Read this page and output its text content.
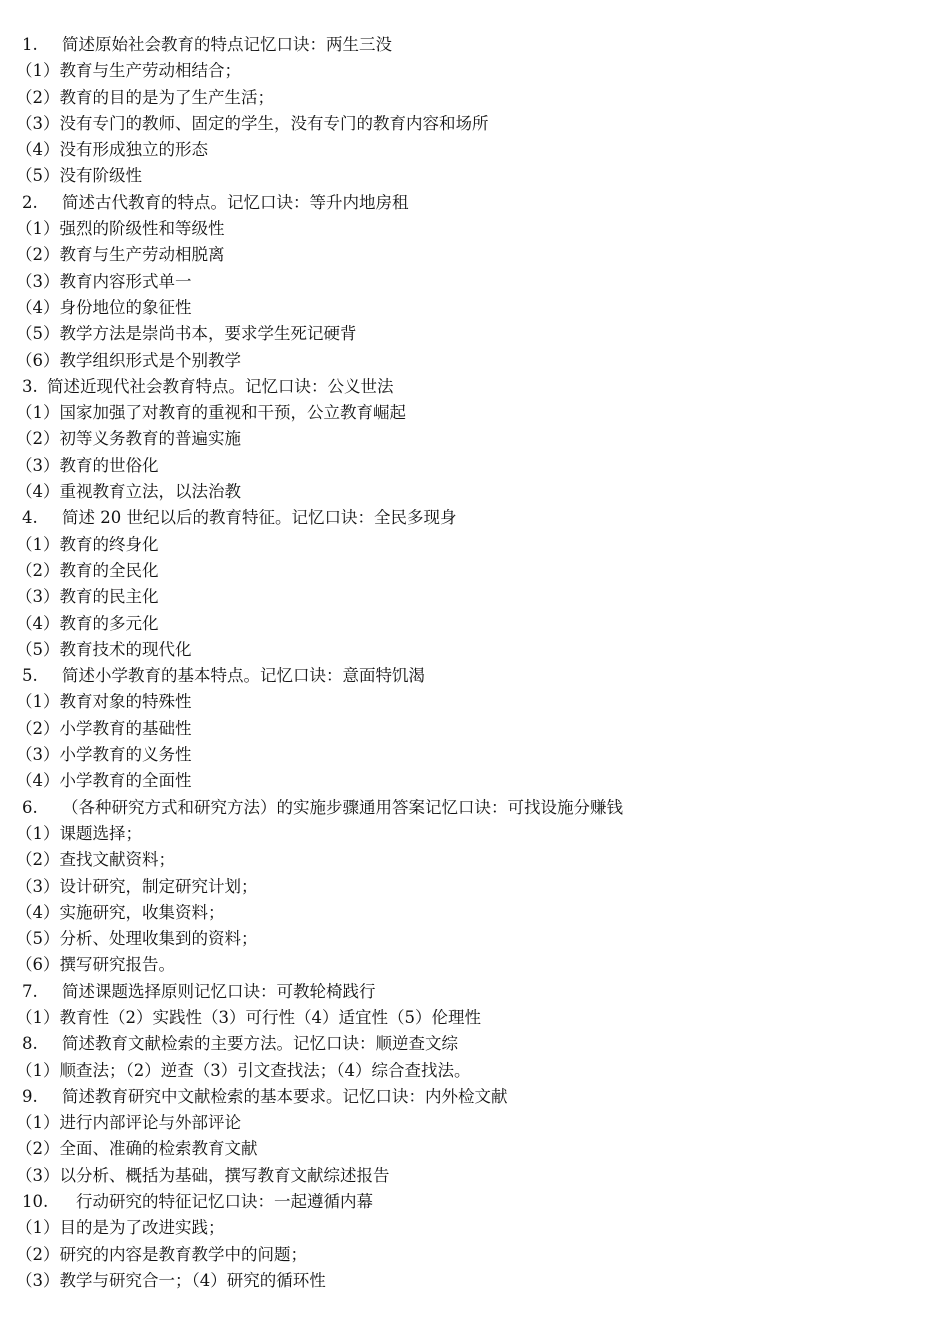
1. 简述原始社会教育的特点记忆口诀：两生三没
（1）教育与生产劳动相结合；
（2）教育的目的是为了生产生活；
（3）没有专门的教师、固定的学生，没有专门的教育内容和场所
（4）没有形成独立的形态
（5）没有阶级性
2. 简述古代教育的特点。记忆口诀：等升内地房租
（1）强烈的阶级性和等级性
（2）教育与生产劳动相脱离
（3）教育内容形式单一
（4）身份地位的象征性
（5）教学方法是崇尚书本，要求学生死记硬背
（6）教学组织形式是个别教学
3. 简述近现代社会教育特点。记忆口诀：公义世法
（1）国家加强了对教育的重视和干预，公立教育崛起
（2）初等义务教育的普遍实施
（3）教育的世俗化
（4）重视教育立法，以法治教
4. 简述 20 世纪以后的教育特征。记忆口诀：全民多现身
（1）教育的终身化
（2）教育的全民化
（3）教育的民主化
（4）教育的多元化
（5）教育技术的现代化
5. 简述小学教育的基本特点。记忆口诀：意面特饥渴
（1）教育对象的特殊性
（2）小学教育的基础性
（3）小学教育的义务性
（4）小学教育的全面性
6. （各种研究方式和研究方法）的实施步骤通用答案记忆口诀：可找设施分赚钱
（1）课题选择；
（2）查找文献资料；
（3）设计研究，制定研究计划；
（4）实施研究，收集资料；
（5）分析、处理收集到的资料；
（6）撰写研究报告。
7. 简述课题选择原则记忆口诀：可教轮椅践行
（1）教育性（2）实践性（3）可行性（4）适宜性（5）伦理性
8. 简述教育文献检索的主要方法。记忆口诀：顺逆查文综
（1）顺查法；（2）逆查（3）引文查找法；（4）综合查找法。
9. 简述教育研究中文献检索的基本要求。记忆口诀：内外检文献
（1）进行内部评论与外部评论
（2）全面、准确的检索教育文献
（3）以分析、概括为基础，撰写教育文献综述报告
10. 行动研究的特征记忆口诀：一起遵循内幕
（1）目的是为了改进实践；
（2）研究的内容是教育教学中的问题；
（3）教学与研究合一；（4）研究的循环性
